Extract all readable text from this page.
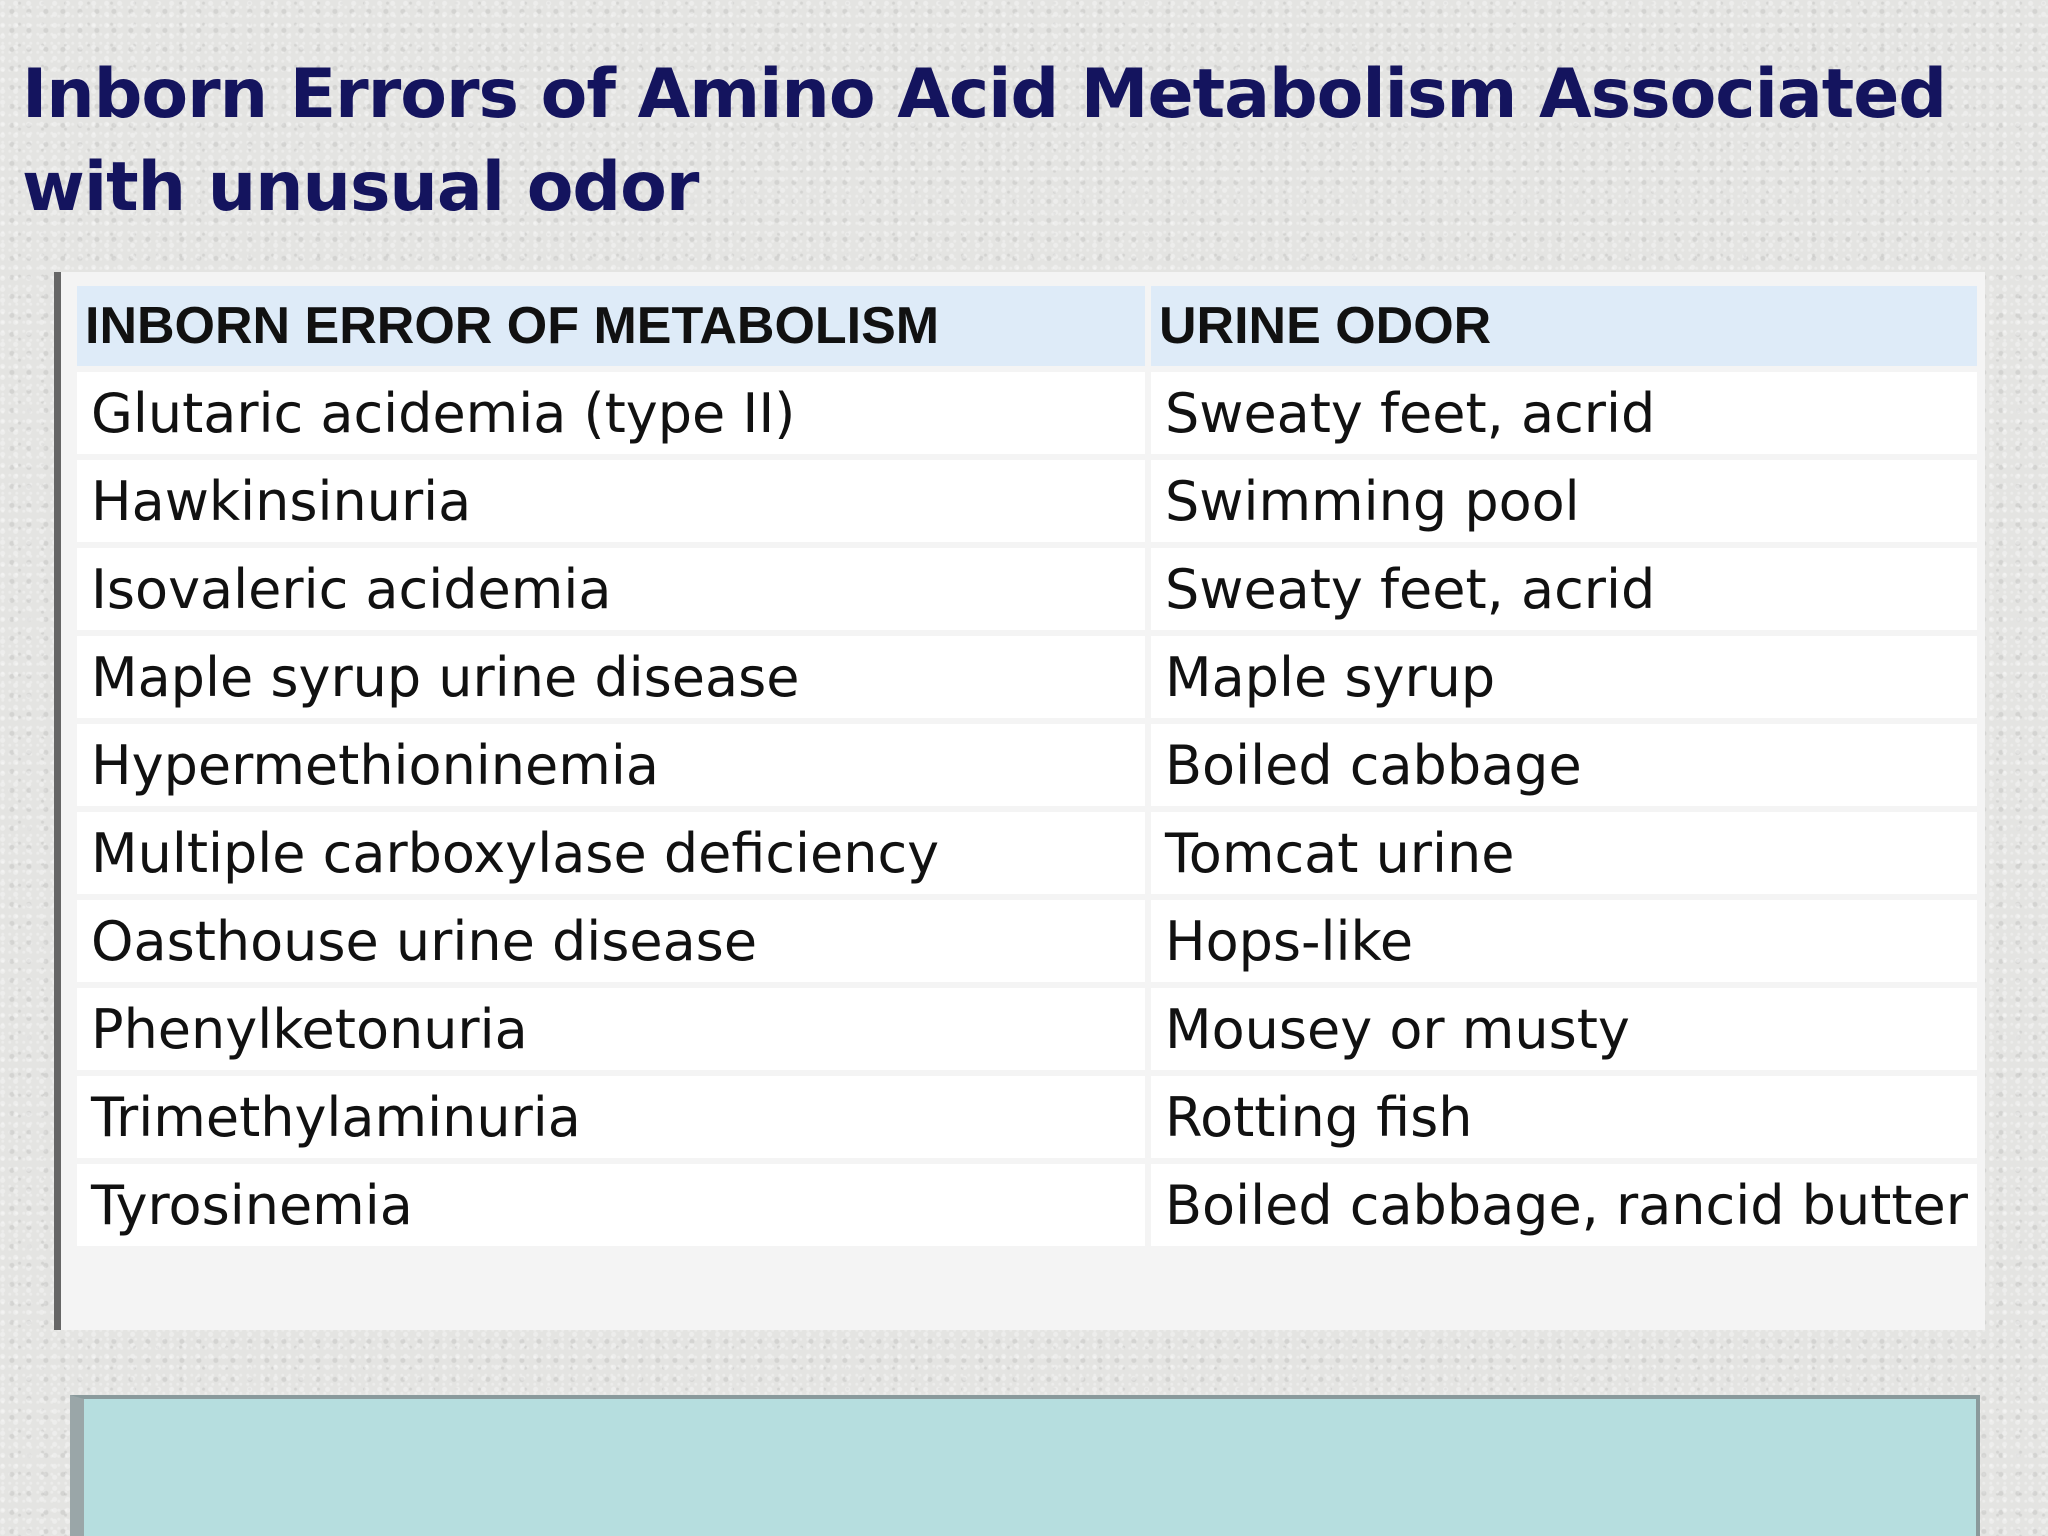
Inborn Errors of Amino Acid Metabolism Associated with unusual odor
INBORN ERROR OF METABOLISM	URINE ODOR
Glutaric acidemia (type II)	Sweaty feet, acrid
Hawkinsinuria	Swimming pool
Isovaleric acidemia	Sweaty feet, acrid
Maple syrup urine disease	Maple syrup
Hypermethioninemia	Boiled cabbage
Multiple carboxylase deficiency	Tomcat urine
Oasthouse urine disease	Hops-like
Phenylketonuria	Mousey or musty
Trimethylaminuria	Rotting fish
Tyrosinemia	Boiled cabbage, rancid butter
